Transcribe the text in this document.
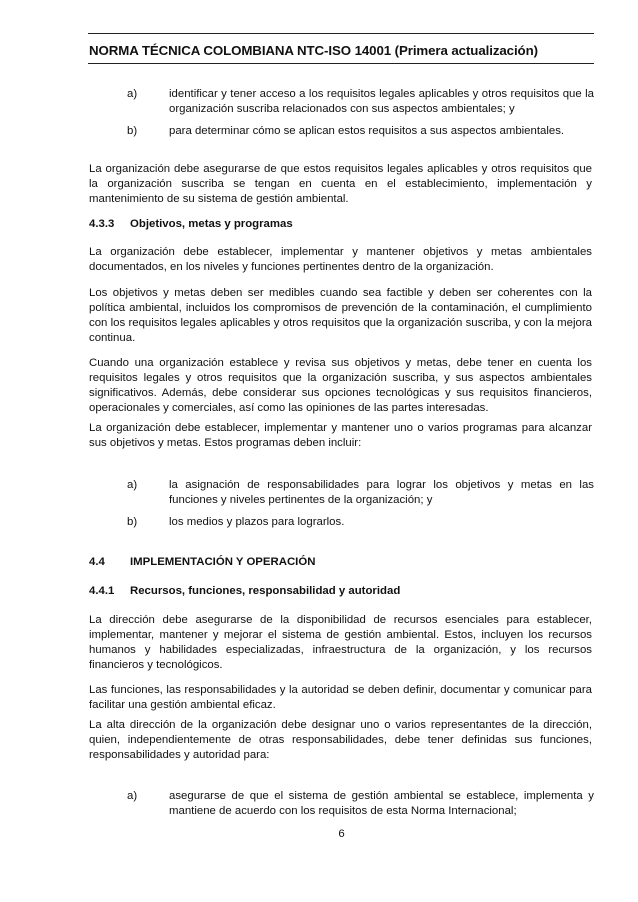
NORMA TÉCNICA COLOMBIANA NTC-ISO 14001 (Primera actualización)
a)	identificar y tener acceso a los requisitos legales aplicables y otros requisitos que la organización suscriba relacionados con sus aspectos ambientales; y
b)	para determinar cómo se aplican estos requisitos a sus aspectos ambientales.

La organización debe asegurarse de que estos requisitos legales aplicables y otros requisitos que la organización suscriba se tengan en cuenta en el establecimiento, implementación y mantenimiento de su sistema de gestión ambiental.

4.3.3 Objetivos, metas y programas

La organización debe establecer, implementar y mantener objetivos y metas ambientales documentados, en los niveles y funciones pertinentes dentro de la organización.

Los objetivos y metas deben ser medibles cuando sea factible y deben ser coherentes con la política ambiental, incluidos los compromisos de prevención de la contaminación, el cumplimiento con los requisitos legales aplicables y otros requisitos que la organización suscriba, y con la mejora continua.

Cuando una organización establece y revisa sus objetivos y metas, debe tener en cuenta los requisitos legales y otros requisitos que la organización suscriba, y sus aspectos ambientales significativos. Además, debe considerar sus opciones tecnológicas y sus requisitos financieros, operacionales y comerciales, así como las opiniones de las partes interesadas.

La organización debe establecer, implementar y mantener uno o varios programas para alcanzar sus objetivos y metas. Estos programas deben incluir:

a)	la asignación de responsabilidades para lograr los objetivos y metas en las funciones y niveles pertinentes de la organización; y
b)	los medios y plazos para lograrlos.
4.4 IMPLEMENTACIÓN Y OPERACIÓN
4.4.1 Recursos, funciones, responsabilidad y autoridad

La dirección debe asegurarse de la disponibilidad de recursos esenciales para establecer, implementar, mantener y mejorar el sistema de gestión ambiental. Estos, incluyen los recursos humanos y habilidades especializadas, infraestructura de la organización, y los recursos financieros y tecnológicos.

Las funciones, las responsabilidades y la autoridad se deben definir, documentar y comunicar para facilitar una gestión ambiental eficaz.

La alta dirección de la organización debe designar uno o varios representantes de la dirección, quien, independientemente de otras responsabilidades, debe tener definidas sus funciones, responsabilidades y autoridad para:

a)	asegurarse de que el sistema de gestión ambiental se establece, implementa y mantiene de acuerdo con los requisitos de esta Norma Internacional;
6
